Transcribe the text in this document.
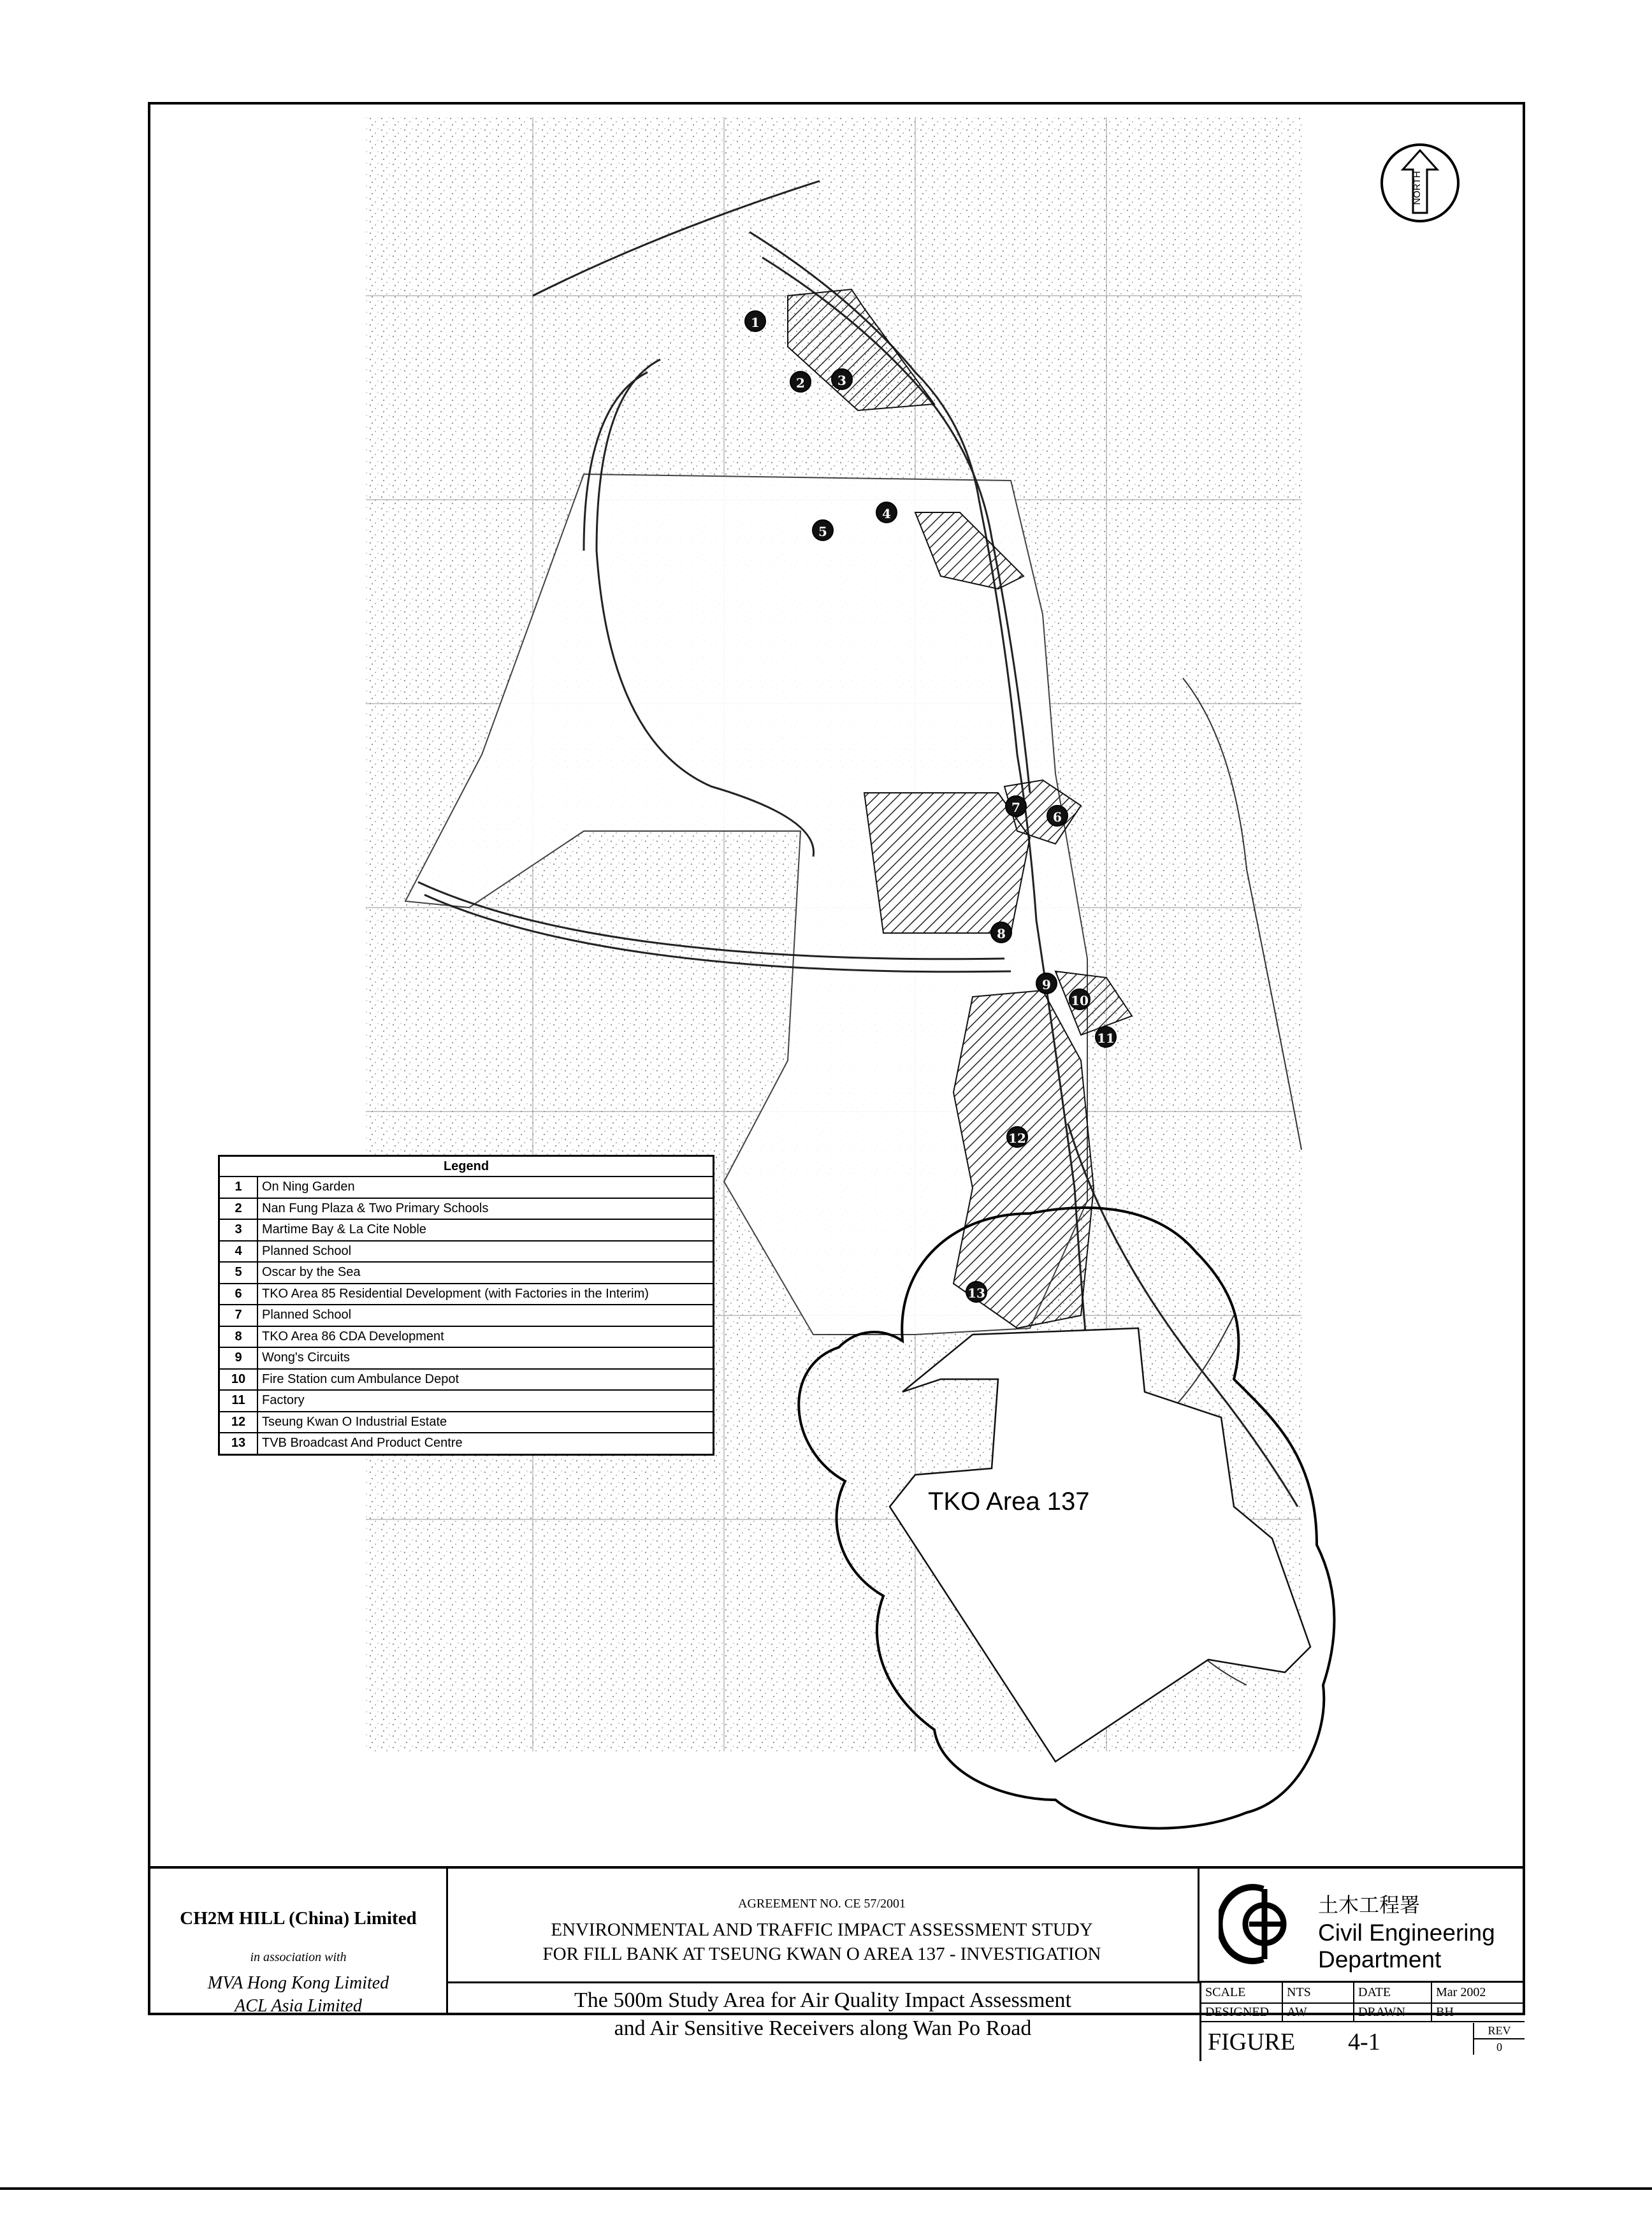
NORTH
1
2	3
4
5
6
7
8
9
10
11
12
13
TKO Area 137
Legend
1	On Ning Garden
2	Nan Fung Plaza & Two Primary Schools
3	Martime Bay & La Cite Noble
4	Planned School
5	Oscar by the Sea
6	TKO Area 85 Residential Development (with Factories in the Interim)
7	Planned School
8	TKO Area 86 CDA Development
9	Wong's Circuits
10	Fire Station cum Ambulance Depot
11	Factory
12	Tseung Kwan O Industrial Estate
13	TVB Broadcast And Product Centre
CH2M HILL (China) Limited
in association with
MVA Hong Kong Limited
ACL Asia Limited
AGREEMENT NO. CE 57/2001
ENVIRONMENTAL AND TRAFFIC IMPACT ASSESSMENT STUDY
FOR FILL BANK AT TSEUNG KWAN O AREA 137 - INVESTIGATION
土木工程署
Civil Engineering
Department
The 500m Study Area for Air Quality Impact Assessment
and Air Sensitive Receivers along Wan Po Road
SCALE	NTS	DATE	Mar 2002
DESIGNED	AW	DRAWN	BH
FIGURE 4-1	REV
0
